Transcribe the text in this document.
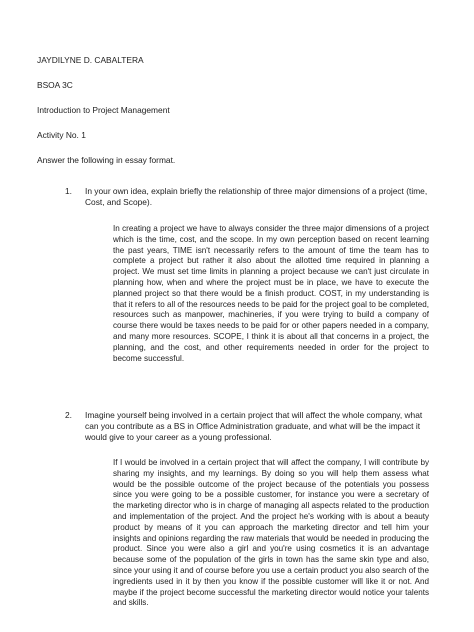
JAYDILYNE D. CABALTERA
BSOA 3C
Introduction to Project Management
Activity No. 1
Answer the following in essay format.
1. In your own idea, explain briefly the relationship of three major dimensions of a project (time, Cost, and Scope).
In creating a project we have to always consider the three major dimensions of a project which is the time, cost, and the scope. In my own perception based on recent learning the past years, TIME isn't necessarily refers to the amount of time the team has to complete a project but rather it also about the allotted time required in planning a project. We must set time limits in planning a project because we can't just circulate in planning how, when and where the project must be in place, we have to execute the planned project so that there would be a finish product. COST, in my understanding is that it refers to all of the resources needs to be paid for the project goal to be completed, resources such as manpower, machineries, if you were trying to build a company of course there would be taxes needs to be paid for or other papers needed in a company, and many more resources. SCOPE, I think it is about all that concerns in a project, the planning, and the cost, and other requirements needed in order for the project to become successful.
2. Imagine yourself being involved in a certain project that will affect the whole company, what can you contribute as a BS in Office Administration graduate, and what will be the impact it would give to your career as a young professional.
If I would be involved in a certain project that will affect the company, I will contribute by sharing my insights, and my learnings. By doing so you will help them assess what would be the possible outcome of the project because of the potentials you possess since you were going to be a possible customer, for instance you were a secretary of the marketing director who is in charge of managing all aspects related to the production and implementation of the project. And the project he's working with is about a beauty product by means of it you can approach the marketing director and tell him your insights and opinions regarding the raw materials that would be needed in producing the product. Since you were also a girl and you're using cosmetics it is an advantage because some of the population of the girls in town has the same skin type and also, since your using it and of course before you use a certain product you also search of the ingredients used in it by then you know if the possible customer will like it or not. And maybe if the project become successful the marketing director would notice your talents and skills.
